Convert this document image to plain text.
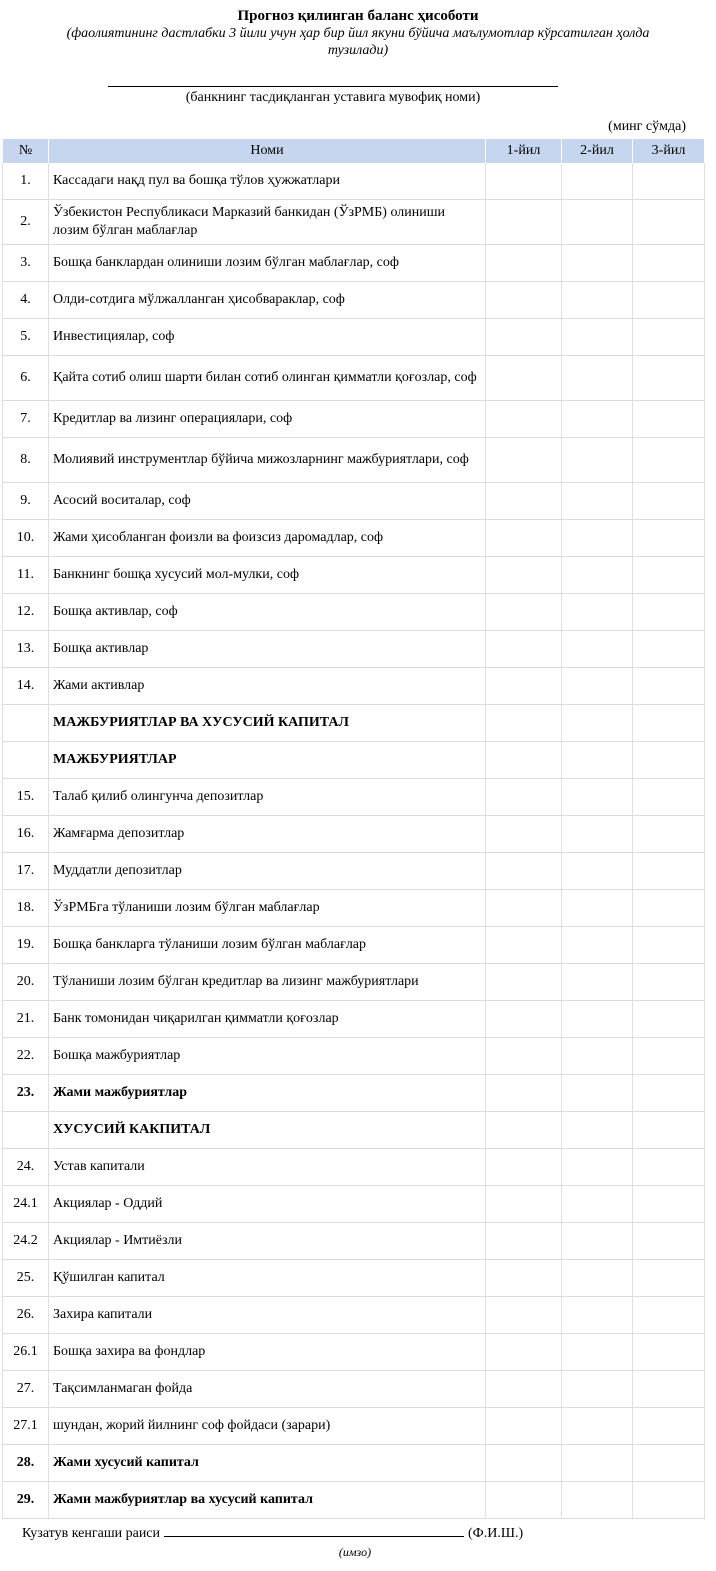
Прогноз қилинган баланс ҳисоботи
(фаолиятининг дастлабки 3 йили учун ҳар бир йил якуни бўйича маълумотлар кўрсатилган ҳолда тузилади)
(банкнинг тасдиқланган уставига мувофиқ номи)
(минг сўмда)
№	Номи	1-йил	2-йил	3-йил
1.	Кассадаги нақд пул ва бошқа тўлов ҳужжатлари			
2.	Ўзбекистон Республикаси Марказий банкидан (ЎзРМБ) олиниши лозим бўлган маблағлар			
3.	Бошқа банклардан олиниши лозим бўлган маблағлар, соф			
4.	Олди-сотдига мўлжалланган ҳисобвараклар, соф			
5.	Инвестициялар, соф			
6.	Қайта сотиб олиш шарти билан сотиб олинган қимматли қоғозлар, соф			
7.	Кредитлар ва лизинг операциялари, соф			
8.	Молиявий инструментлар бўйича мижозларнинг мажбуриятлари, соф			
9.	Асосий воситалар, соф			
10.	Жами ҳисобланган фоизли ва фоизсиз даромадлар, соф			
11.	Банкнинг бошқа хусусий мол-мулки, соф			
12.	Бошқа активлар, соф			
13.	Бошқа активлар			
14.	Жами активлар			
	МАЖБУРИЯТЛАР ВА ХУСУСИЙ КАПИТАЛ			
	МАЖБУРИЯТЛАР			
15.	Талаб қилиб олингунча депозитлар			
16.	Жамғарма депозитлар			
17.	Муддатли депозитлар			
18.	ЎзРМБга тўланиши лозим бўлган маблағлар			
19.	Бошқа банкларга тўланиши лозим бўлган маблағлар			
20.	Тўланиши лозим бўлган кредитлар ва лизинг мажбуриятлари			
21.	Банк томонидан чиқарилган қимматли қоғозлар			
22.	Бошқа мажбуриятлар			
23.	Жами мажбуриятлар			
	ХУСУСИЙ КАКПИТАЛ			
24.	Устав капитали			
24.1	Акциялар - Оддий			
24.2	Акциялар - Имтиёзли			
25.	Қўшилган капитал			
26.	Захира капитали			
26.1	Бошқа захира ва фондлар			
27.	Тақсимланмаган фойда			
27.1	шундан, жорий йилнинг соф фойдаси (зарари)			
28.	Жами хусусий капитал			
29.	Жами мажбуриятлар ва хусусий капитал			
Кузатув кенгаши раиси	(Ф.И.Ш.)
(имзо)
